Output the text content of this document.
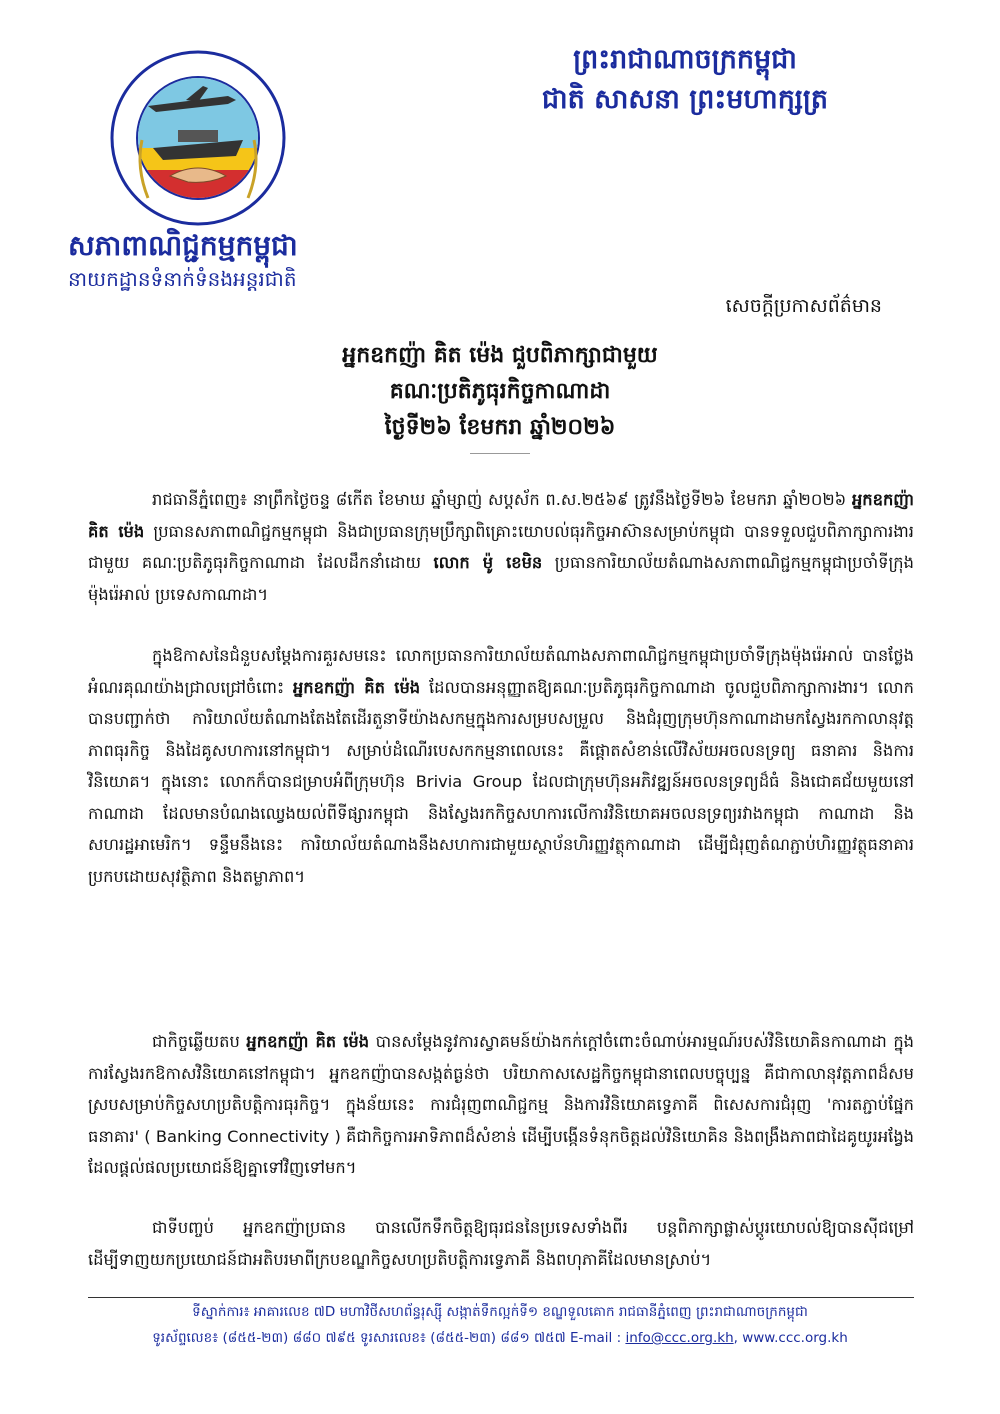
ព្រះរាជាណាចក្រកម្ពុជា
ជាតិ សាសនា ព្រះមហាក្សត្រ
សភាពាណិជ្ជកម្មកម្ពុជា
នាយកដ្ឋានទំនាក់ទំនងអន្តរជាតិ
សេចក្តីប្រកាសព័ត៌មាន
អ្នកឧកញ៉ា គិត ម៉េង ជួបពិភាក្សាជាមួយ
គណៈប្រតិភូធុរកិច្ចកាណាដា
ថ្ងៃទី២៦ ខែមករា ឆ្នាំ២០២៦
រាជធានីភ្នំពេញ៖ នាព្រឹកថ្ងៃចន្ទ ៨កើត ខែមាឃ ឆ្នាំម្សាញ់ សប្តស័ក ព.ស.២៥៦៩ ត្រូវនឹងថ្ងៃទី២៦ ខែមករា ឆ្នាំ២០២៦ អ្នកឧកញ៉ា គិត ម៉េង ប្រធានសភាពាណិជ្ជកម្មកម្ពុជា និងជាប្រធានក្រុមប្រឹក្សាពិគ្រោះយោបល់ធុរកិច្ចអាស៊ានសម្រាប់កម្ពុជា បានទទួលជួបពិភាក្សាការងារជាមួយ គណៈប្រតិភូធុរកិច្ចកាណាដា ដែលដឹកនាំដោយ លោក ម៉ូ ខេមិន ប្រធានការិយាល័យតំណាងសភាពាណិជ្ជកម្មកម្ពុជាប្រចាំទីក្រុងម៉ុងរ៉េអាល់ ប្រទេសកាណាដា។
ក្នុងឱកាសនៃជំនួបសម្តែងការគួរសមនេះ លោកប្រធានការិយាល័យតំណាងសភាពាណិជ្ជកម្មកម្ពុជាប្រចាំទីក្រុងម៉ុងរ៉េអាល់ បានថ្លែងអំណរគុណយ៉ាងជ្រាលជ្រៅចំពោះ អ្នកឧកញ៉ា គិត ម៉េង ដែលបានអនុញ្ញាតឱ្យគណៈប្រតិភូធុរកិច្ចកាណាដា ចូលជួបពិភាក្សាការងារ។ លោកបានបញ្ជាក់ថា ការិយាល័យតំណាងតែងតែដើរតួនាទីយ៉ាងសកម្មក្នុងការសម្របសម្រួល និងជំរុញក្រុមហ៊ុនកាណាដាមកស្វែងរកកាលានុវត្តភាពធុរកិច្ច និងដៃគូសហការនៅកម្ពុជា។ សម្រាប់ដំណើរបេសកកម្មនាពេលនេះ គឺផ្តោតសំខាន់លើវិស័យអចលនទ្រព្យ ធនាគារ និងការវិនិយោគ។ ក្នុងនោះ លោកក៏បានជម្រាបអំពីក្រុមហ៊ុន Brivia Group ដែលជាក្រុមហ៊ុនអភិវឌ្ឍន៍អចលនទ្រព្យដ៏ធំ និងជោគជ័យមួយនៅកាណាដា ដែលមានបំណងឈ្វេងយល់ពីទីផ្សារកម្ពុជា និងស្វែងរកកិច្ចសហការលើការវិនិយោគអចលនទ្រព្យរវាងកម្ពុជា កាណាដា និងសហរដ្ឋអាមេរិក។ ទន្ទឹមនឹងនេះ ការិយាល័យតំណាងនឹងសហការជាមួយស្ថាប័នហិរញ្ញវត្ថុកាណាដា ដើម្បីជំរុញតំណភ្ជាប់ហិរញ្ញវត្ថុធនាគារប្រកបដោយសុវត្ថិភាព និងតម្លាភាព។
ជាកិច្ចឆ្លើយតប អ្នកឧកញ៉ា គិត ម៉េង បានសម្តែងនូវការស្វាគមន៍យ៉ាងកក់ក្តៅចំពោះចំណាប់អារម្មណ៍របស់វិនិយោគិនកាណាដា ក្នុងការស្វែងរកឱកាសវិនិយោគនៅកម្ពុជា។ អ្នកឧកញ៉ាបានសង្កត់ធ្ងន់ថា បរិយាកាសសេដ្ឋកិច្ចកម្ពុជានាពេលបច្ចុប្បន្ន គឺជាកាលានុវត្តភាពដ៏សមស្របសម្រាប់កិច្ចសហប្រតិបត្តិការធុរកិច្ច។ ក្នុងន័យនេះ ការជំរុញពាណិជ្ជកម្ម និងការវិនិយោគទ្វេភាគី ពិសេសការជំរុញ 'ការតភ្ជាប់ផ្នែកធនាគារ' ( Banking Connectivity ) គឺជាកិច្ចការអាទិភាពដ៏សំខាន់ ដើម្បីបង្កើនទំនុកចិត្តដល់វិនិយោគិន និងពង្រឹងភាពជាដៃគូយូរអង្វែងដែលផ្តល់ផលប្រយោជន៍ឱ្យគ្នាទៅវិញទៅមក។
ជាទីបញ្ចប់ អ្នកឧកញ៉ាប្រធាន បានលើកទឹកចិត្តឱ្យធុរជននៃប្រទេសទាំងពីរ បន្តពិភាក្សាផ្លាស់ប្តូរយោបល់ឱ្យបានស៊ីជម្រៅ ដើម្បីទាញយកប្រយោជន៍ជាអតិបរមាពីក្របខណ្ឌកិច្ចសហប្រតិបត្តិការទ្វេភាគី និងពហុភាគីដែលមានស្រាប់។
ទីស្នាក់ការ៖ អាគារលេខ ៧D មហាវិថីសហព័ន្ធរុស្ស៊ី សង្កាត់ទឹកល្អក់ទី១ ខណ្ឌទួលគោក រាជធានីភ្នំពេញ ព្រះរាជាណាចក្រកម្ពុជា
ទូរស័ព្ទលេខ៖ (៨៥៥-២៣) ៨៨០ ៧៩៥ ទូរសារលេខ៖ (៨៥៥-២៣) ៨៨១ ៧៥៧ E-mail : info@ccc.org.kh, www.ccc.org.kh
